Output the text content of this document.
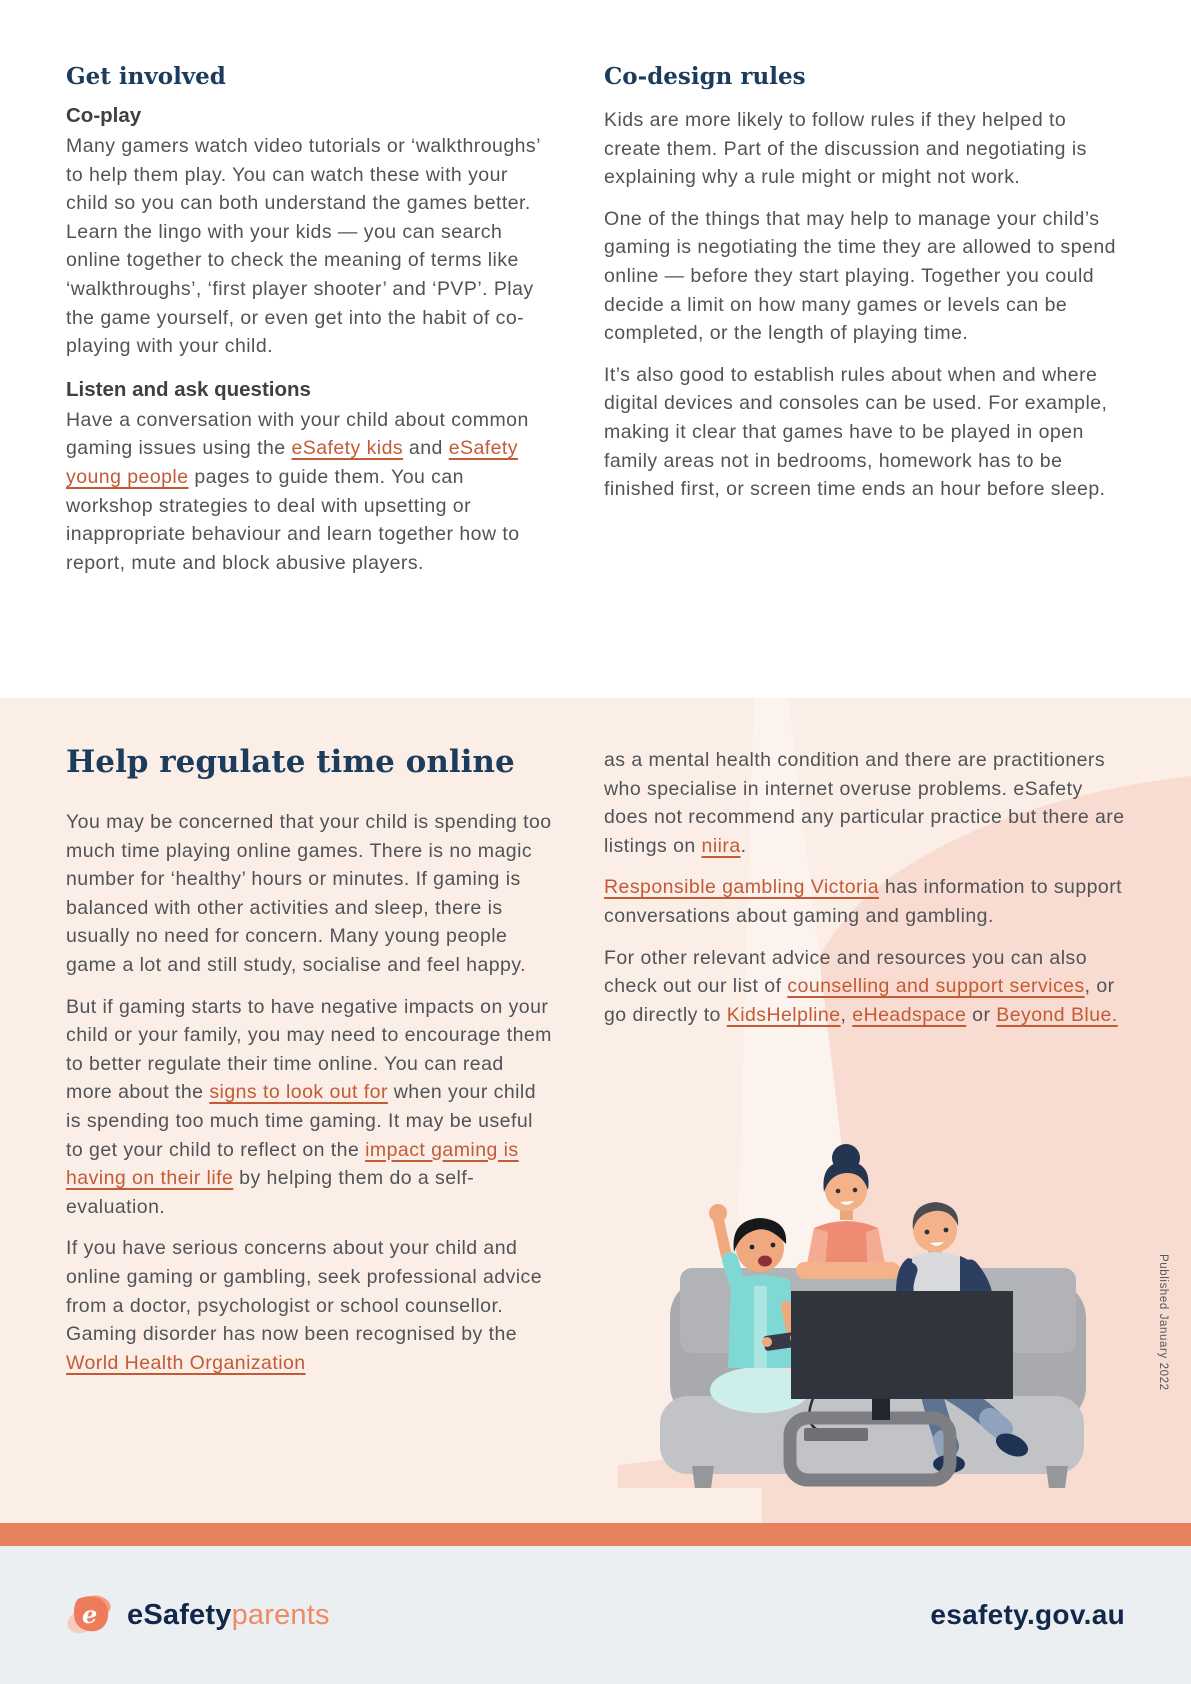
Get involved
Co-play

Many gamers watch video tutorials or ‘walkthroughs’ to help them play. You can watch these with your child so you can both understand the games better. Learn the lingo with your kids — you can search online together to check the meaning of terms like ‘walkthroughs’, ‘first player shooter’ and ‘PVP’. Play the game yourself, or even get into the habit of co-playing with your child.

Listen and ask questions

Have a conversation with your child about common gaming issues using the eSafety kids and eSafety young people pages to guide them. You can workshop strategies to deal with upsetting or inappropriate behaviour and learn together how to report, mute and block abusive players.

Co-design rules

Kids are more likely to follow rules if they helped to create them. Part of the discussion and negotiating is explaining why a rule might or might not work.

One of the things that may help to manage your child’s gaming is negotiating the time they are allowed to spend online — before they start playing. Together you could decide a limit on how many games or levels can be completed, or the length of playing time.

It’s also good to establish rules about when and where digital devices and consoles can be used. For example, making it clear that games have to be played in open family areas not in bedrooms, homework has to be finished first, or screen time ends an hour before sleep.

Help regulate time online

You may be concerned that your child is spending too much time playing online games. There is no magic number for ‘healthy’ hours or minutes. If gaming is balanced with other activities and sleep, there is usually no need for concern. Many young people game a lot and still study, socialise and feel happy.

But if gaming starts to have negative impacts on your child or your family, you may need to encourage them to better regulate their time online. You can read more about the signs to look out for when your child is spending too much time gaming. It may be useful to get your child to reflect on the impact gaming is having on their life by helping them do a self-evaluation.

If you have serious concerns about your child and online gaming or gambling, seek professional advice from a doctor, psychologist or school counsellor. Gaming disorder has now been recognised by the World Health Organization

as a mental health condition and there are practitioners who specialise in internet overuse problems. eSafety does not recommend any particular practice but there are listings on niira.

Responsible gambling Victoria has information to support conversations about gaming and gambling.

For other relevant advice and resources you can also check out our list of counselling and support services, or go directly to KidsHelpline, eHeadspace or Beyond Blue.

Published January 2022
e eSafetyparents	esafety.gov.au
